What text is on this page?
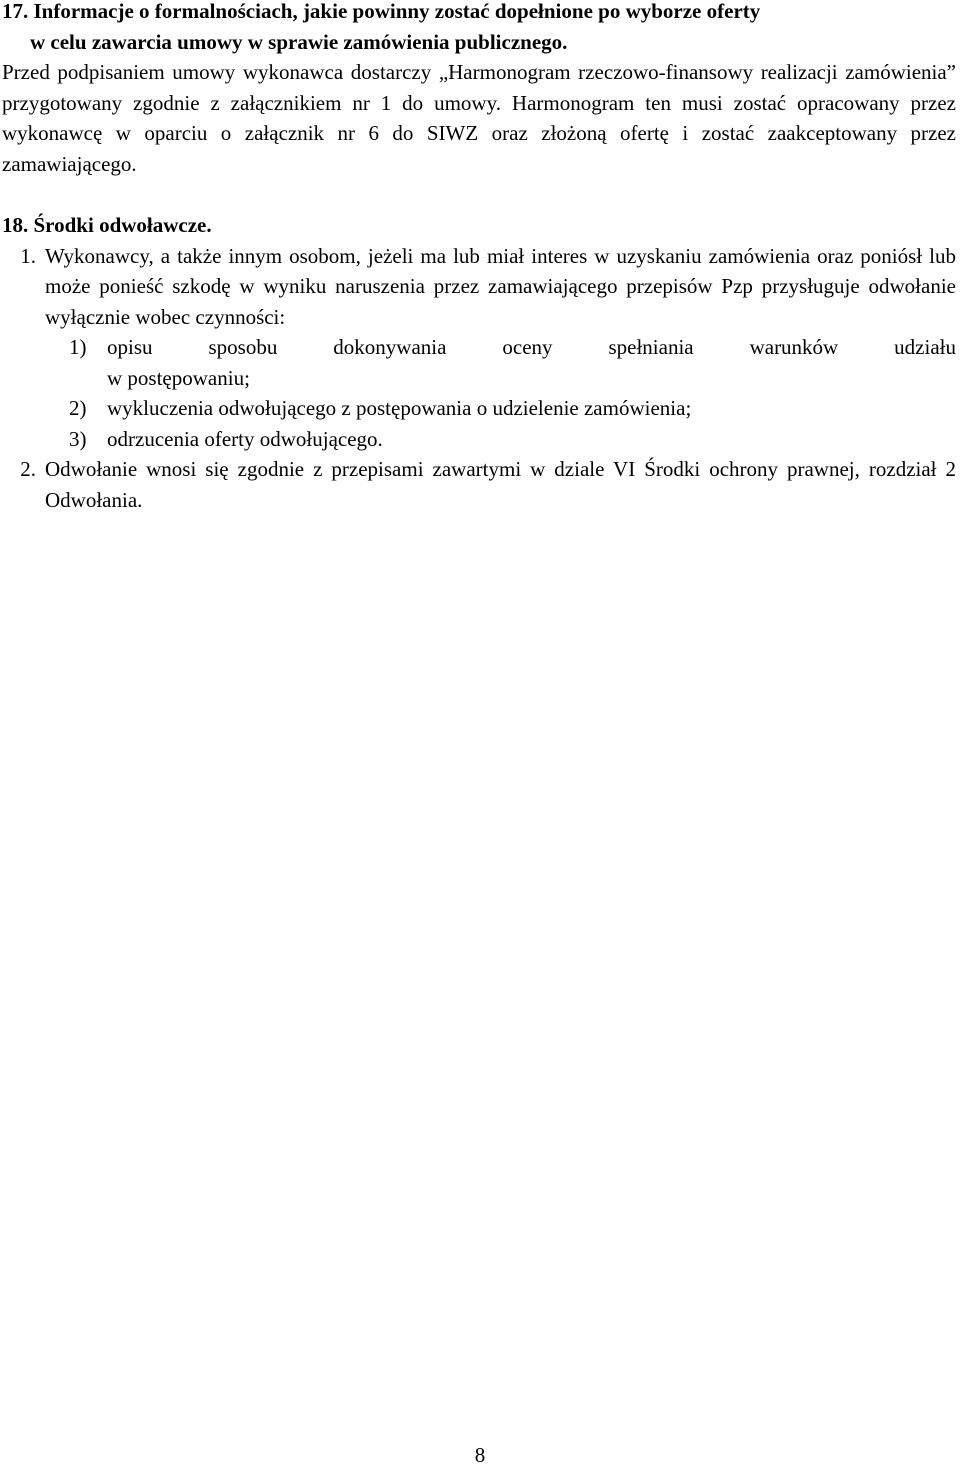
17. Informacje o formalnościach, jakie powinny zostać dopełnione po wyborze oferty
w celu zawarcia umowy w sprawie zamówienia publicznego.

Przed podpisaniem umowy wykonawca dostarczy „Harmonogram rzeczowo-finansowy realizacji zamówienia” przygotowany zgodnie z załącznikiem nr 1 do umowy. Harmonogram ten musi zostać opracowany przez wykonawcę w oparciu o załącznik nr 6 do SIWZ oraz złożoną ofertę i zostać zaakceptowany przez zamawiającego.

18. Środki odwoławcze.

1. Wykonawcy, a także innym osobom, jeżeli ma lub miał interes w uzyskaniu zamówienia oraz poniósł lub może ponieść szkodę w wyniku naruszenia przez zamawiającego przepisów Pzp przysługuje odwołanie wyłącznie wobec czynności:
1) opisu sposobu dokonywania oceny spełniania warunków udziału
w postępowaniu;
2) wykluczenia odwołującego z postępowania o udzielenie zamówienia;
3) odrzucenia oferty odwołującego.
2. Odwołanie wnosi się zgodnie z przepisami zawartymi w dziale VI Środki ochrony prawnej, rozdział 2 Odwołania.
8
